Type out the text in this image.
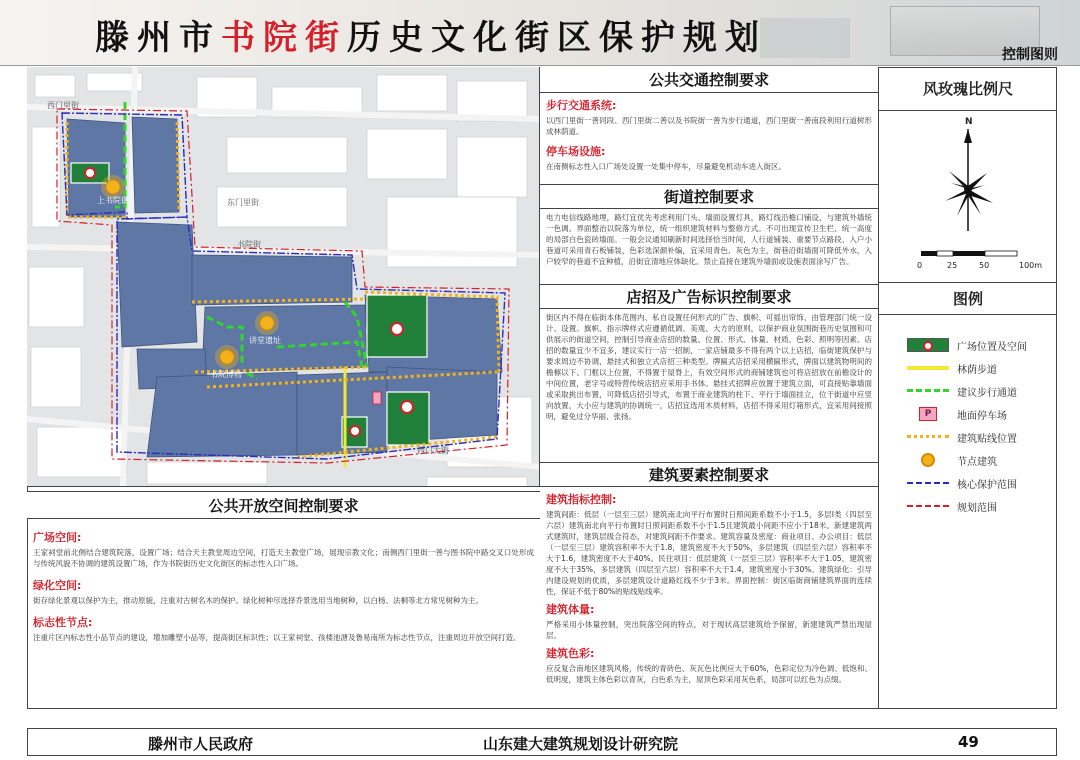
滕州市书院街历史文化街区保护规划	控制图则
上书院街
讲堂遗址
书院博物
西门里街
书院街
西门大街
东门里街
公共开放空间控制要求
广场空间:
王家祠堂前北侧结合建筑院落，设置广场；结合天主教堂周边空间，打造天主教堂广场，展现宗教文化；南侧西门里街一善与图书院中路交叉口处形成与传统风貌不协调的建筑设置广场，作为书院街历史文化街区的标志性入口广场。
绿化空间:
街存绿化景观以保护为主，推动原貌，注重对古树名木的保护。绿化树种尽选择乔景选用当地树种，以白杨、法桐等北方常见树种为主。
标志性节点:
注重片区内标志性小品节点的建设，增加雕塑小品等，提高街区标识性；以王家祠堂、孩楼池溏及鲁易南所为标志性节点，注重周边开放空间打造。
公共交通控制要求
步行交通系统:
以西门里街一善同段、西门里街二善以及书院街一善为步行通道，西门里街一善南段利用行道树形成林荫道。
停车场设施:
在南侧标志性入口广场处设置一处集中停车，尽量避免机动车进入街区。
街道控制要求
电力电信线路地埋，路灯宜优先考虑利用门头、墙面设置灯具，路灯线沿檐口铺设，与建筑外墙统一色调。界面整治以院落为单位，统一组织建筑材料与整修方式。不可出现宣传卫生栏、统一高度的局部白色瓷砖墙面。一般会议通知刷新时间选择恰当时间，人行道铺装、重要节点路段、入户小巷道可采用青石板铺装，色彩选深颜补编，宜采用青色、灰色为主，街巷沿街墙面可降低外水，入户较窄的巷道不宜种植，沿街宜清地应体缺化。禁止直接在建筑外墙面或设施表面涂写广告。
店招及广告标识控制要求
街区内不得在临街本体范围内、私自设置任何形式的广告、旗帜、可摇出帘饰、由管理部门统一设计、设置。旗帜、指示牌样式应遵循低调、美观、大方的原则，以保护商业氛围街巷历史氛围和可供展示的街道空间，控制引导商业店招的数量、位置、形式、体量、材质、色彩、照明等因素。店招的数量宜少不宜多，建议实行一店一招制，一家店铺最多不得有两个以上店招，临街建筑保护与要求周边不协调，悬挂式和独立式店招三种类型。牌匾式店招采用横匾形式，牌面以建筑物明间的檐檩以下、门框以上位置，不得置于屋脊上，有效空间形式的商铺建筑也可将店招放在前檐设计的中间位置，老字号或特营传统店招应采用手书体。悬挂式招牌应放置于建筑立面，可直接贴靠墙面或采取挑出布置，可降低店招引导式，布置于商业建筑的柱下、平行于墙面挂立，位于街道中应竖向放置，大小应与建筑的协调统一，店招宜选用木质材料，店招不得采用灯箱形式，宜采用间接照明，避免过分华丽、张扬。
建筑要素控制要求
建筑指标控制:
建筑间距：低层（一层至三层）建筑南北向平行布置时日照间距系数不小于1.5，多层Ⅰ类（四层至六层）建筑南北向平行布置时日照间距系数不小于1.5且建筑最小间距不应小于18米。新建建筑两式建筑时，建筑层级合符态，对建筑间距不作要求。建筑容量及密度：商业项目、办公项目：低层（一层至三层）建筑容积率不大于1.8，建筑密度不大于50%，多层建筑（四层至六层）容积率不大于1.6，建筑密度不大于40%。民住项目：低层建筑（一层至三层）容积率不大于1.05，建筑密度不大于35%，多层建筑（四层至六层）容积率不大于1.4，建筑密度小于30%。建筑绿化：引导内建设规划的优质，多层建筑设计道路红线不少于3米。界面控制：街区临街商铺建筑界面的连续性，保证不低于80%的贴线贴线率。
建筑体量:
严格采用小体量控制，突出院落空间的特点，对于现状高层建筑给予保留，新建建筑严禁出现屋层。
建筑色彩:
应反复合南地区建筑风格，传统的青砖色、灰瓦色比例应大于60%，色彩定位为冷色调、低饱和、低明度，建筑主体色彩以青灰，白色系为主，屋顶色彩采用灰色系，局部可以红色为点缀。
风玫瑰比例尺
N
0	25	50	100m
图例
广场位置及空间
林荫步道
建议步行通道
P	地面停车场
建筑贴线位置
节点建筑
核心保护范围
规划范围
滕州市人民政府	山东建大建筑规划设计研究院	49
